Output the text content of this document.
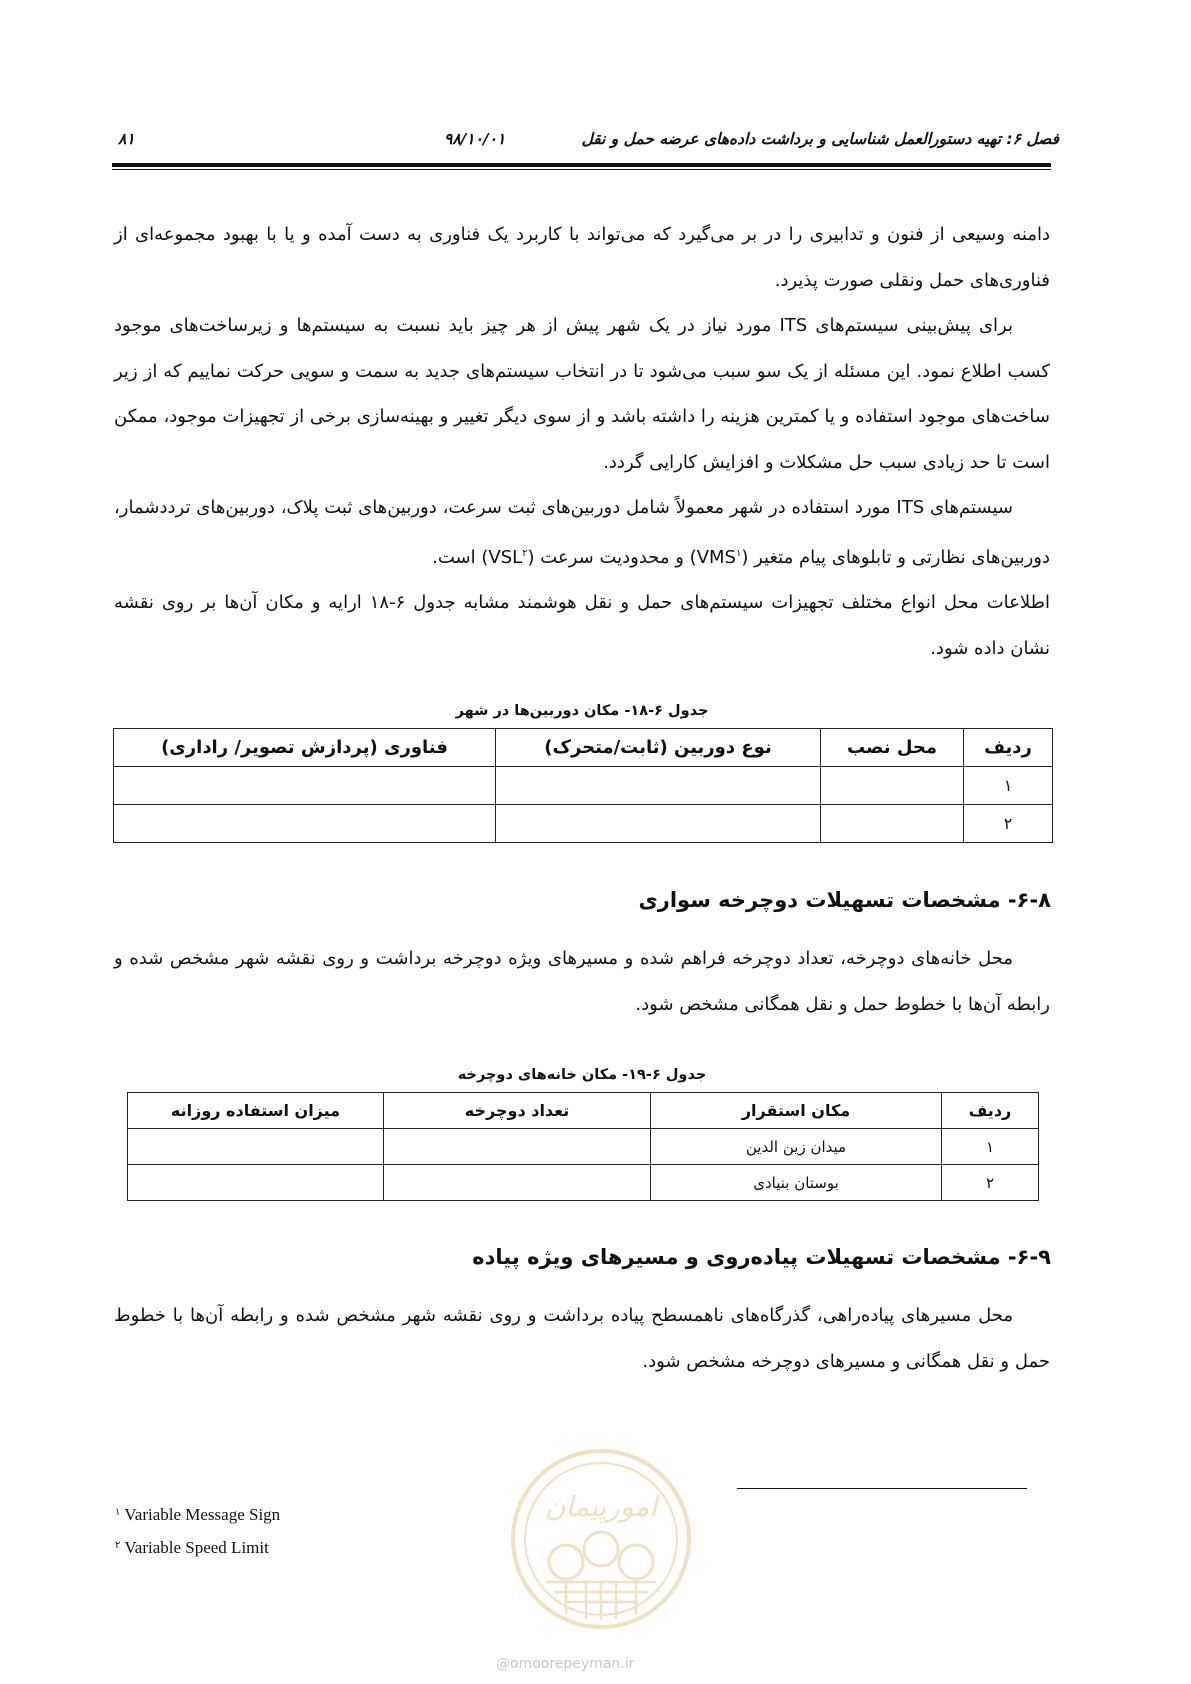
فصل ۶: تهیه دستورالعمل شناسایی و برداشت داده‌های عرضه حمل و نقل
۹۸/۱۰/۰۱
۸۱

دامنه وسیعی از فنون و تدابیری را در بر می‌گیرد که می‌تواند با کاربرد یک فناوری به دست آمده و یا با بهبود مجموعه‌ای از فناوری‌های حمل ونقلی صورت پذیرد.

برای پیش‌بینی سیستم‌های ITS مورد نیاز در یک شهر پیش از هر چیز باید نسبت به سیستم‌ها و زیرساخت‌های موجود کسب اطلاع نمود. این مسئله از یک سو سبب می‌شود تا در انتخاب سیستم‌های جدید به سمت و سویی حرکت نماییم که از زیر ساخت‌های موجود استفاده و یا کمترین هزینه را داشته باشد و از سوی دیگر تغییر و بهینه‌سازی برخی از تجهیزات موجود، ممکن است تا حد زیادی سبب حل مشکلات و افزایش کارایی گردد.

سیستم‌های ITS مورد استفاده در شهر معمولاً شامل دوربین‌های ثبت سرعت، دوربین‌های ثبت پلاک، دوربین‌های ترددشمار، دوربین‌های نظارتی و تابلوهای پیام متغیر (VMS$^۱$) و محدودیت سرعت (VSL$^۲$) است.

اطلاعات محل انواع مختلف تجهیزات سیستم‌های حمل و نقل هوشمند مشابه جدول ۶-۱۸ ارایه و مکان آن‌ها بر روی نقشه نشان داده شود.

جدول ۶-۱۸- مکان دوربین‌ها در شهر
ردیف	محل نصب	نوع دوربین (ثابت/متحرک)	فناوری (پردازش تصویر/ راداری)
۱			
۲			
۶-۸- مشخصات تسهیلات دوچرخه سواری

محل خانه‌های دوچرخه، تعداد دوچرخه فراهم شده و مسیرهای ویژه دوچرخه برداشت و روی نقشه شهر مشخص شده و رابطه آن‌ها با خطوط حمل و نقل همگانی مشخص شود.

جدول ۶-۱۹- مکان خانه‌های دوچرخه
ردیف	مکان استقرار	تعداد دوچرخه	میزان استفاده روزانه
۱	میدان زین الدین		
۲	بوستان بنیادی		
۶-۹- مشخصات تسهیلات پیاده‌روی و مسیرهای ویژه پیاده

محل مسیرهای پیاده‌راهی، گذرگاه‌های ناهمسطح پیاده برداشت و روی نقشه شهر مشخص شده و رابطه آن‌ها با خطوط حمل و نقل همگانی و مسیرهای دوچرخه مشخص شود.

$^۱$ Variable Message Sign
$^۲$ Variable Speed Limit
امورپیمان
@omoorepeyman.ir
